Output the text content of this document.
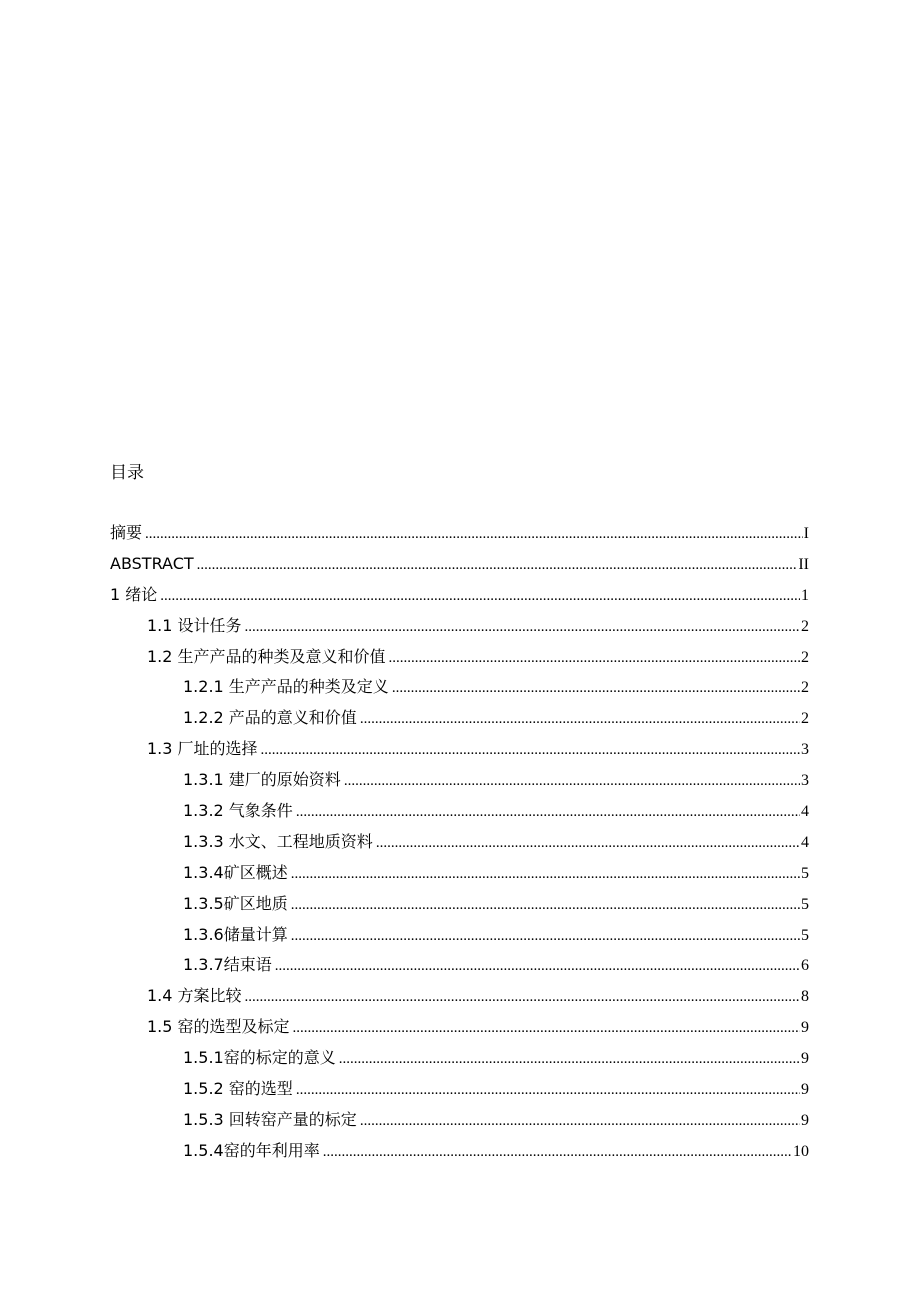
目录
摘要 .....	I
ABSTRACT .....	II
1 绪论 .....	1
1.1 设计任务 .....	2
1.2 生产产品的种类及意义和价值 .....	2
1.2.1 生产产品的种类及定义 .....	2
1.2.2 产品的意义和价值 .....	2
1.3 厂址的选择 .....	3
1.3.1 建厂的原始资料 .....	3
1.3.2 气象条件 .....	4
1.3.3 水文、工程地质资料 .....	4
1.3.4矿区概述 .....	5
1.3.5矿区地质 .....	5
1.3.6储量计算 .....	5
1.3.7结束语 .....	6
1.4 方案比较 .....	8
1.5 窑的选型及标定 .....	9
1.5.1窑的标定的意义 .....	9
1.5.2 窑的选型 .....	9
1.5.3 回转窑产量的标定 .....	9
1.5.4窑的年利用率 .....	10
